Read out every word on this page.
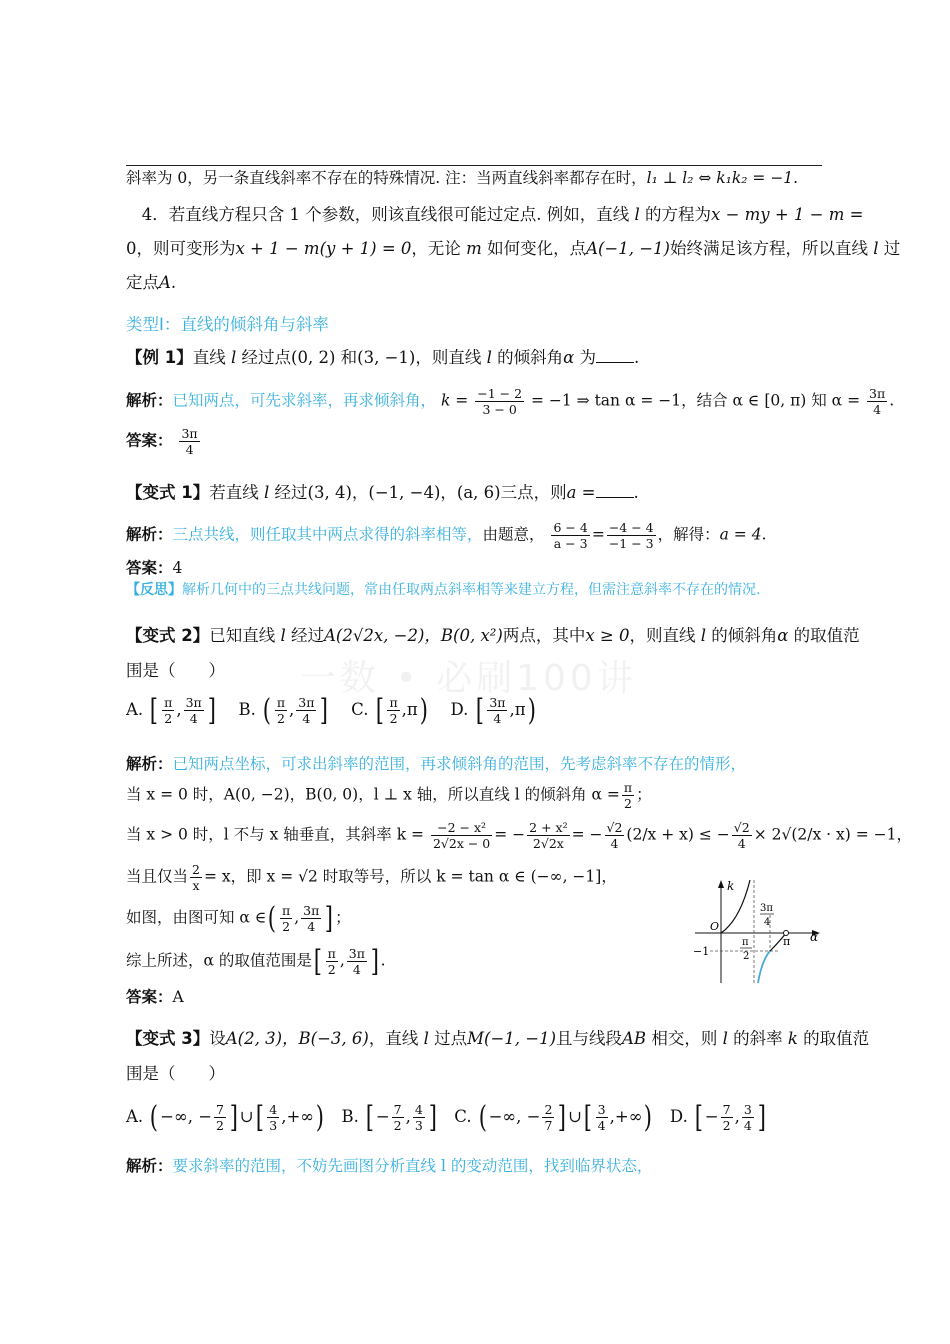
一数 • 必刷100讲
斜率为 0，另一条直线斜率不存在的特殊情况. 注：当两直线斜率都存在时，l₁ ⊥ l₂ ⇔ k₁k₂ = −1.
4．若直线方程只含 1 个参数，则该直线很可能过定点. 例如，直线 l 的方程为x − my + 1 − m =
0，则可变形为x + 1 − m(y + 1) = 0，无论 m 如何变化，点A(−1, −1)始终满足该方程，所以直线 l 过
定点A.
类型Ⅰ：直线的倾斜角与斜率
【例 1】直线 l 经过点(0, 2) 和(3, −1)，则直线 l 的倾斜角α 为 .
解析：已知两点，可先求斜率，再求倾斜角， $k = \frac{-1 - 2}{3 - 0} = -1$ ⇒ tan α = −1，结合 α ∈ [0, π) 知 $\alpha = \frac{3\pi}{4}$ .
答案： $\frac{3\pi}{4}$
【变式 1】若直线 l 经过(3, 4)，(−1, −4)，(a, 6)三点，则a = .
解析：三点共线，则任取其中两点求得的斜率相等，由题意， $\frac{6 - 4}{a - 3} = \frac{-4 - 4}{-1 - 3}$ ，解得：a = 4.
答案：4
【反思】解析几何中的三点共线问题，常由任取两点斜率相等来建立方程，但需注意斜率不存在的情况.
【变式 2】已知直线 l 经过A(2√2x, −2)，B(0, x²)两点，其中x ≥ 0，则直线 l 的倾斜角α 的取值范
围是（　　）
A. [ $\frac{\pi}{2}$ , $\frac{3\pi}{4}$ ] B. ( $\frac{\pi}{2}$ , $\frac{3\pi}{4}$ ] C. [ $\frac{\pi}{2} ,\pi$) D. [ $\frac{3\pi}{4} ,\pi$)
解析：已知两点坐标，可求出斜率的范围，再求倾斜角的范围，先考虑斜率不存在的情形，
当 x = 0 时，A(0, −2)，B(0, 0)，l ⊥ x 轴，所以直线 l 的倾斜角 $\alpha = \frac{\pi}{2}$ ；
当 x > 0 时，l 不与 x 轴垂直，其斜率 $k = \frac{\text{−2 − x²}}{2√2x - 0}$ = − $\frac{\text{2 + x²}}{2√2x}$ = − $\frac{√2}{4} (2/x + x)$ ≤ − $\frac{√2}{4} \times 2√(2/x \cdot x) = -1$，
当且仅当 $\frac{2}{x} = x$，即 x = √2 时取等号，所以 k = tan α ∈ (−∞, −1]，
如图，由图可知 α ∈( $\frac{\pi}{2}$ , $\frac{3\pi}{4}$ ] ；
综上所述，α 的取值范围是[ $\frac{\pi}{2}$ , $\frac{3\pi}{4}$ ] .
答案：A
k
α
O
−1
π
3π
4
π
2
【变式 3】设A(2, 3)，B(−3, 6)，直线 l 过点M(−1, −1)且与线段AB 相交，则 l 的斜率 k 的取值范
围是（　　）
A. ( −∞, − $\frac{7}{2}$ ] ∪[ $\frac{4}{3}$ ,+∞) B. [ − $\frac{7}{2}$ , $\frac{4}{3}$ ] C. ( −∞, − $\frac{2}{7}$ ] ∪[ $\frac{3}{4}$ ,+∞) D. [ − $\frac{7}{2}$ , $\frac{3}{4}$ ]
解析：要求斜率的范围，不妨先画图分析直线 l 的变动范围，找到临界状态，
